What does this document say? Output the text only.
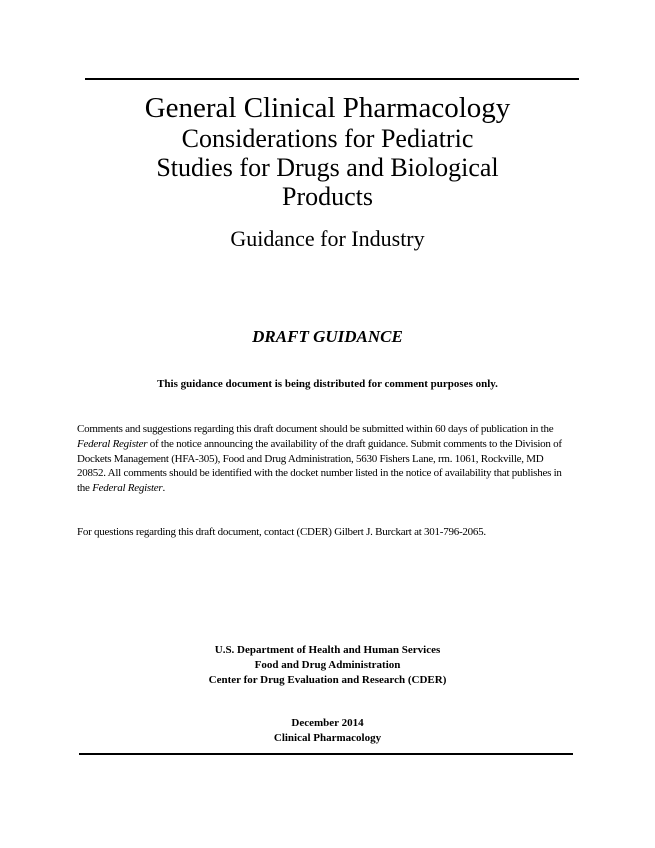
General Clinical Pharmacology
Considerations for Pediatric
Studies for Drugs and Biological
Products
Guidance for Industry
DRAFT GUIDANCE
This guidance document is being distributed for comment purposes only.

Comments and suggestions regarding this draft document should be submitted within 60 days of publication in the Federal Register of the notice announcing the availability of the draft guidance. Submit comments to the Division of Dockets Management (HFA-305), Food and Drug Administration, 5630 Fishers Lane, rm. 1061, Rockville, MD 20852. All comments should be identified with the docket number listed in the notice of availability that publishes in the Federal Register.

For questions regarding this draft document, contact (CDER) Gilbert J. Burckart at 301-796-2065.

U.S. Department of Health and Human Services
Food and Drug Administration
Center for Drug Evaluation and Research (CDER)
December 2014
Clinical Pharmacology
